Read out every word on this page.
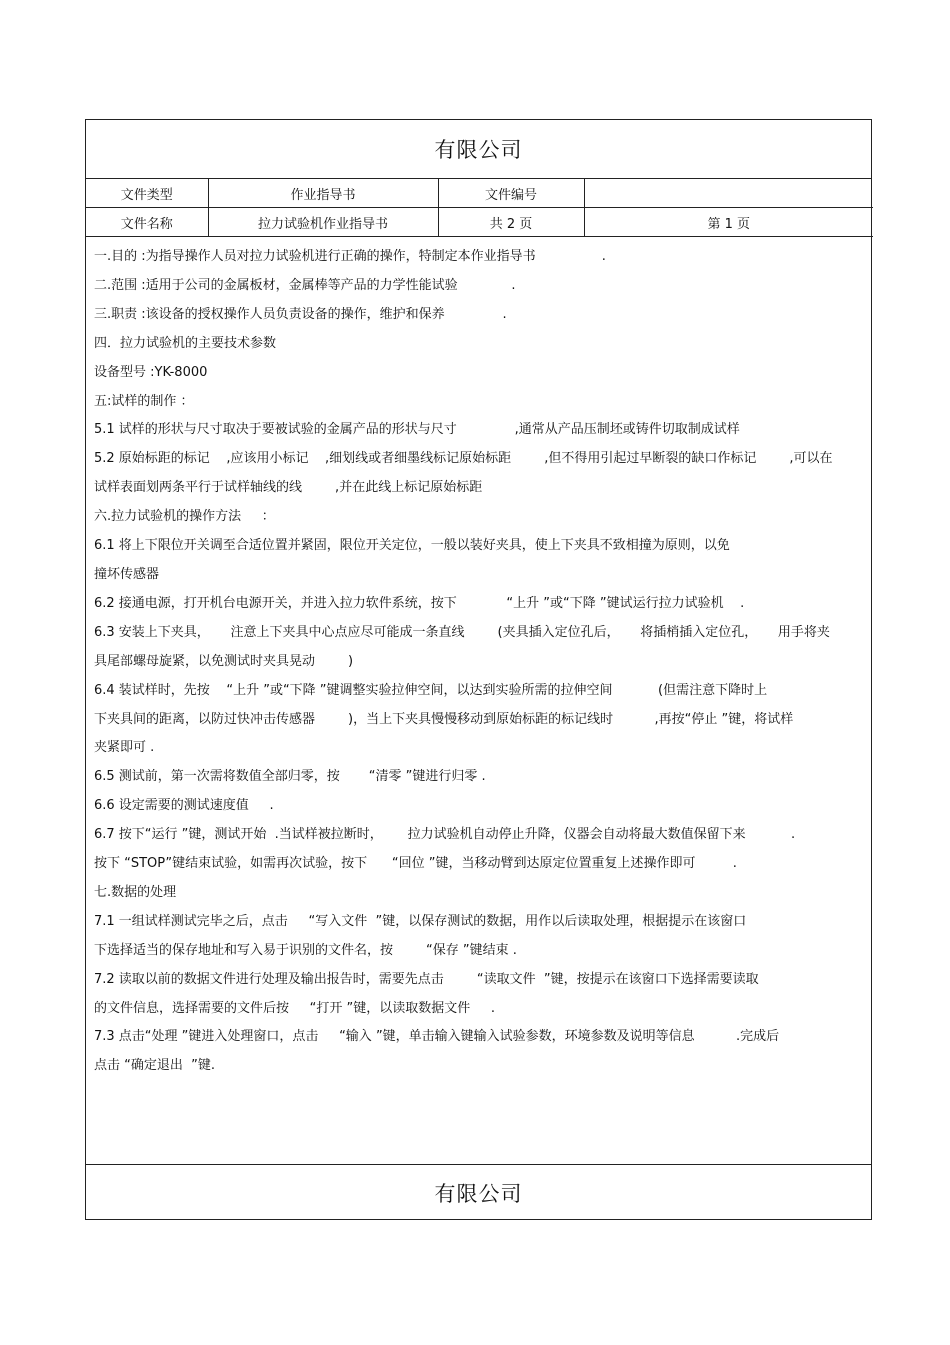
有限公司
文件类型	作业指导书	文件编号	
文件名称	拉力试验机作业指导书	共 2 页	第 1 页

一.目的 :为指导操作人员对拉力试验机进行正确的操作，特制定本作业指导书                .

二.范围 :适用于公司的金属板材，金属棒等产品的力学性能试验             .

三.职责 :该设备的授权操作人员负责设备的操作，维护和保养              .

四．拉力试验机的主要技术参数

设备型号 :YK-8000

五:试样的制作 ：

5.1 试样的形状与尺寸取决于要被试验的金属产品的形状与尺寸              ,通常从产品压制坯或铸件切取制成试样

5.2 原始标距的标记    ,应该用小标记    ,细划线或者细墨线标记原始标距        ,但不得用引起过早断裂的缺口作标记        ,可以在
试样表面划两条平行于试样轴线的线        ,并在此线上标记原始标距

六.拉力试验机的操作方法     ：

6.1 将上下限位开关调至合适位置并紧固，限位开关定位，一般以装好夹具，使上下夹具不致相撞为原则，以免
撞坏传感器

6.2 接通电源，打开机台电源开关，并进入拉力软件系统，按下            “上升 ”或“下降 ”键试运行拉力试验机    .

6.3 安装上下夹具，     注意上下夹具中心点应尽可能成一条直线        (夹具插入定位孔后，     将插梢插入定位孔，     用手将夹
具尾部螺母旋紧，以免测试时夹具晃动        )

6.4 装试样时，先按    “上升 ”或“下降 ”键调整实验拉伸空间，以达到实验所需的拉伸空间           (但需注意下降时上
下夹具间的距离，以防过快冲击传感器        )，当上下夹具慢慢移动到原始标距的标记线时          ,再按“停止 ”键，将试样
夹紧即可 .

6.5 测试前，第一次需将数值全部归零，按       “清零 ”键进行归零 .

6.6 设定需要的测试速度值     .

6.7 按下“运行 ”键，测试开始  .当试样被拉断时，      拉力试验机自动停止升降，仪器会自动将最大数值保留下来           .
按下 “STOP”键结束试验，如需再次试验，按下      “回位 ”键，当移动臂到达原定位置重复上述操作即可         .

七.数据的处理

7.1 一组试样测试完毕之后，点击     “写入文件  ”键，以保存测试的数据，用作以后读取处理，根据提示在该窗口
下选择适当的保存地址和写入易于识别的文件名，按        “保存 ”键结束 .

7.2 读取以前的数据文件进行处理及输出报告时，需要先点击        “读取文件  ”键，按提示在该窗口下选择需要读取
的文件信息，选择需要的文件后按     “打开 ”键，以读取数据文件     .

7.3 点击“处理 ”键进入处理窗口，点击     “输入 ”键，单击输入键输入试验参数，环境参数及说明等信息          .完成后
点击 “确定退出  ”键.

有限公司
